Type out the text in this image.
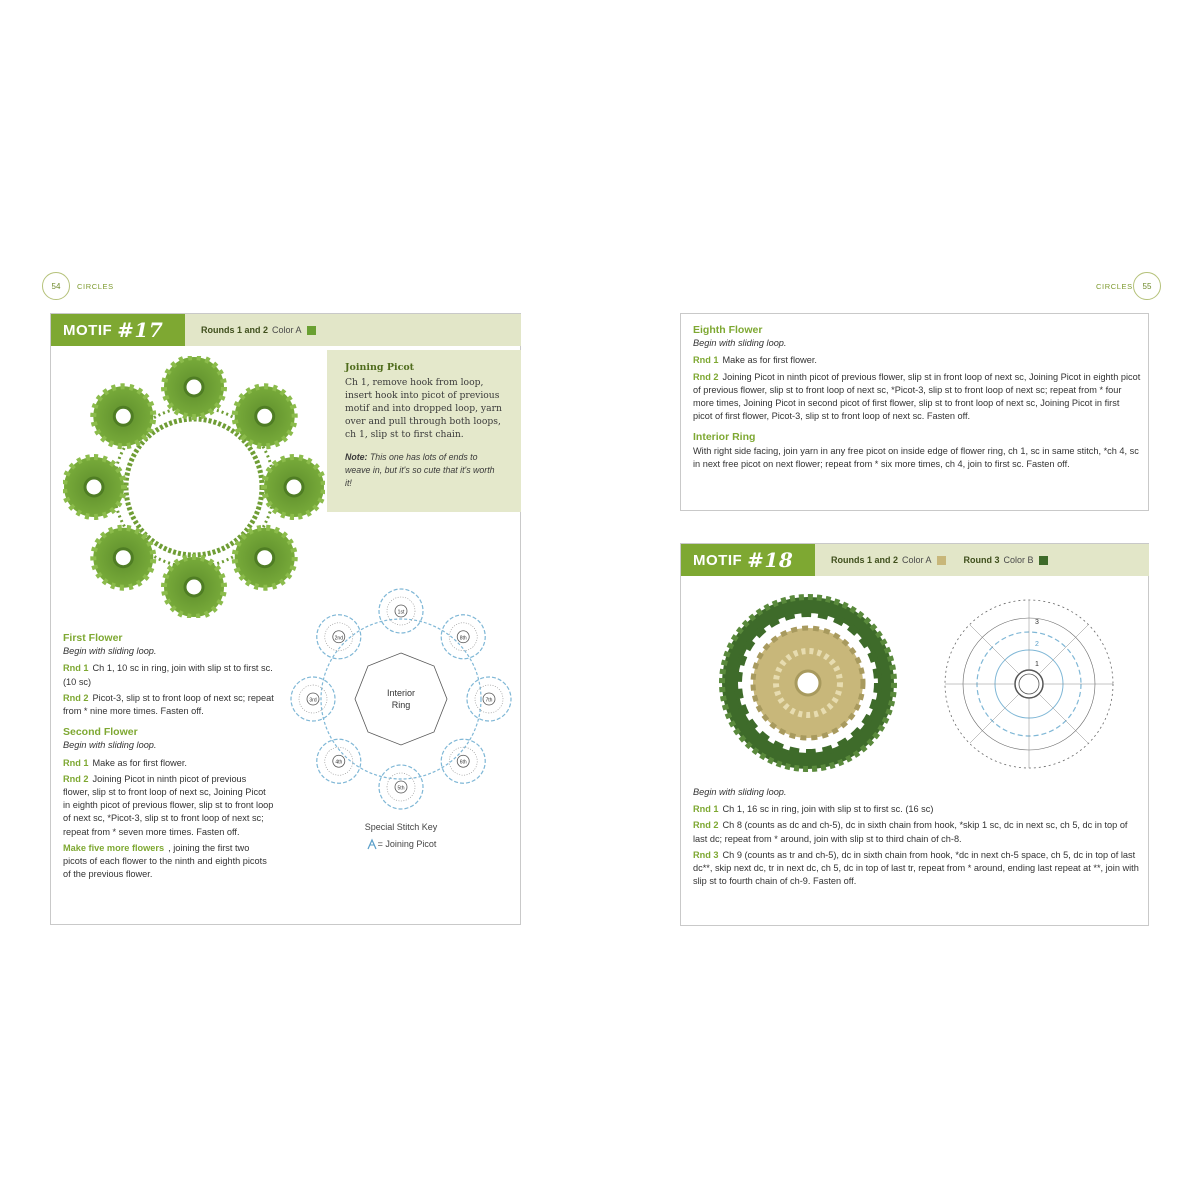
54 CIRCLES
MOTIF #17	Rounds 1 and 2 Color A
Joining Picot

Ch 1, remove hook from loop, insert hook into picot of previous motif and into dropped loop, yarn over and pull through both loops, ch 1, slip st to first chain.

Note: This one has lots of ends to weave in, but it's so cute that it's worth it!

First Flower

Begin with sliding loop.

Rnd 1 Ch 1, 10 sc in ring, join with slip st to first sc. (10 sc)

Rnd 2 Picot-3, slip st to front loop of next sc; repeat from * nine more times. Fasten off.

Second Flower

Begin with sliding loop.

Rnd 1 Make as for first flower.

Rnd 2 Joining Picot in ninth picot of previous flower, slip st to front loop of next sc, Joining Picot in eighth picot of previous flower, slip st to front loop of next sc, *Picot-3, slip st to front loop of next sc; repeat from * seven more times. Fasten off.

Make five more flowers , joining the first two picots of each flower to the ninth and eighth picots of the previous flower.

Interior
Ring
1st
2nd
3rd
4th
5th
6th
7th
8th
Special Stitch Key
= Joining Picot
CIRCLES 55
Eighth Flower

Begin with sliding loop.

Rnd 1 Make as for first flower.

Rnd 2 Joining Picot in ninth picot of previous flower, slip st in front loop of next sc, Joining Picot in eighth picot of previous flower, slip st to front loop of next sc, *Picot-3, slip st to front loop of next sc; repeat from * four more times, Joining Picot in second picot of first flower, slip st to front loop of next sc, Joining Picot in first picot of first flower, Picot-3, slip st to front loop of next sc. Fasten off.

Interior Ring

With right side facing, join yarn in any free picot on inside edge of flower ring, ch 1, sc in same stitch, *ch 4, sc in next free picot on next flower; repeat from * six more times, ch 4, join to first sc. Fasten off.

MOTIF #18	Rounds 1 and 2 Color A	Round 3 Color B
3
2
1

Begin with sliding loop.

Rnd 1 Ch 1, 16 sc in ring, join with slip st to first sc. (16 sc)

Rnd 2 Ch 8 (counts as dc and ch-5), dc in sixth chain from hook, *skip 1 sc, dc in next sc, ch 5, dc in top of last dc; repeat from * around, join with slip st to third chain of ch-8.

Rnd 3 Ch 9 (counts as tr and ch-5), dc in sixth chain from hook, *dc in next ch-5 space, ch 5, dc in top of last dc**, skip next dc, tr in next dc, ch 5, dc in top of last tr, repeat from * around, ending last repeat at **, join with slip st to fourth chain of ch-9. Fasten off.
